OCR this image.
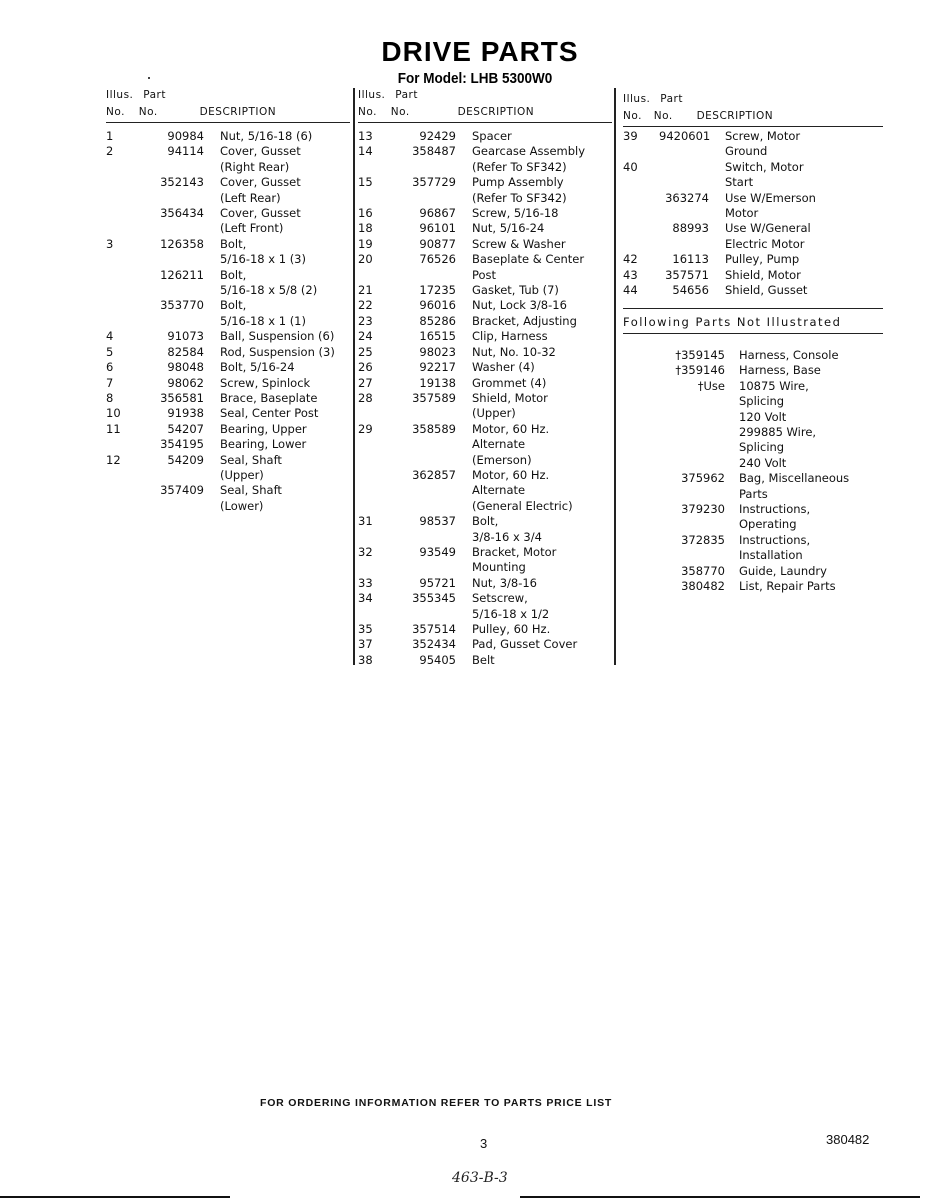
DRIVE PARTS
For Model: LHB 5300W0
Illus. Part
No. No.	DESCRIPTION
1	90984	Nut, 5/16-18 (6)
2	94114	Cover, Gusset
(Right Rear)
352143	Cover, Gusset
(Left Rear)
356434	Cover, Gusset
(Left Front)
3	126358	Bolt,
5/16-18 x 1 (3)
126211	Bolt,
5/16-18 x 5/8 (2)
353770	Bolt,
5/16-18 x 1 (1)
4	91073	Ball, Suspension (6)
5	82584	Rod, Suspension (3)
6	98048	Bolt, 5/16-24
7	98062	Screw, Spinlock
8	356581	Brace, Baseplate
10	91938	Seal, Center Post
11	54207	Bearing, Upper
354195	Bearing, Lower
12	54209	Seal, Shaft
(Upper)
357409	Seal, Shaft
(Lower)
Illus. Part
No. No.	DESCRIPTION
13	92429	Spacer
14	358487	Gearcase Assembly
(Refer To SF342)
15	357729	Pump Assembly
(Refer To SF342)
16	96867	Screw, 5/16-18
18	96101	Nut, 5/16-24
19	90877	Screw & Washer
20	76526	Baseplate & Center
Post
21	17235	Gasket, Tub (7)
22	96016	Nut, Lock 3/8-16
23	85286	Bracket, Adjusting
24	16515	Clip, Harness
25	98023	Nut, No. 10-32
26	92217	Washer (4)
27	19138	Grommet (4)
28	357589	Shield, Motor
(Upper)
29	358589	Motor, 60 Hz.
Alternate
(Emerson)
362857	Motor, 60 Hz.
Alternate
(General Electric)
31	98537	Bolt,
3/8-16 x 3/4
32	93549	Bracket, Motor
Mounting
33	95721	Nut, 3/8-16
34	355345	Setscrew,
5/16-18 x 1/2
35	357514	Pulley, 60 Hz.
37	352434	Pad, Gusset Cover
38	95405	Belt
Illus. Part
No. No. DESCRIPTION
39	9420601	Screw, Motor
Ground
40	Switch, Motor
Start
363274	Use W/Emerson
Motor
88993	Use W/General
Electric Motor
42	16113	Pulley, Pump
43	357571	Shield, Motor
44	54656	Shield, Gusset
Following Parts Not Illustrated
†359145	Harness, Console
†359146	Harness, Base
†Use	10875 Wire,
Splicing
120 Volt
299885 Wire,
Splicing
240 Volt
375962	Bag, Miscellaneous
Parts
379230	Instructions,
Operating
372835	Instructions,
Installation
358770	Guide, Laundry
380482	List, Repair Parts
FOR ORDERING INFORMATION REFER TO PARTS PRICE LIST
3	380482
463-B-3
